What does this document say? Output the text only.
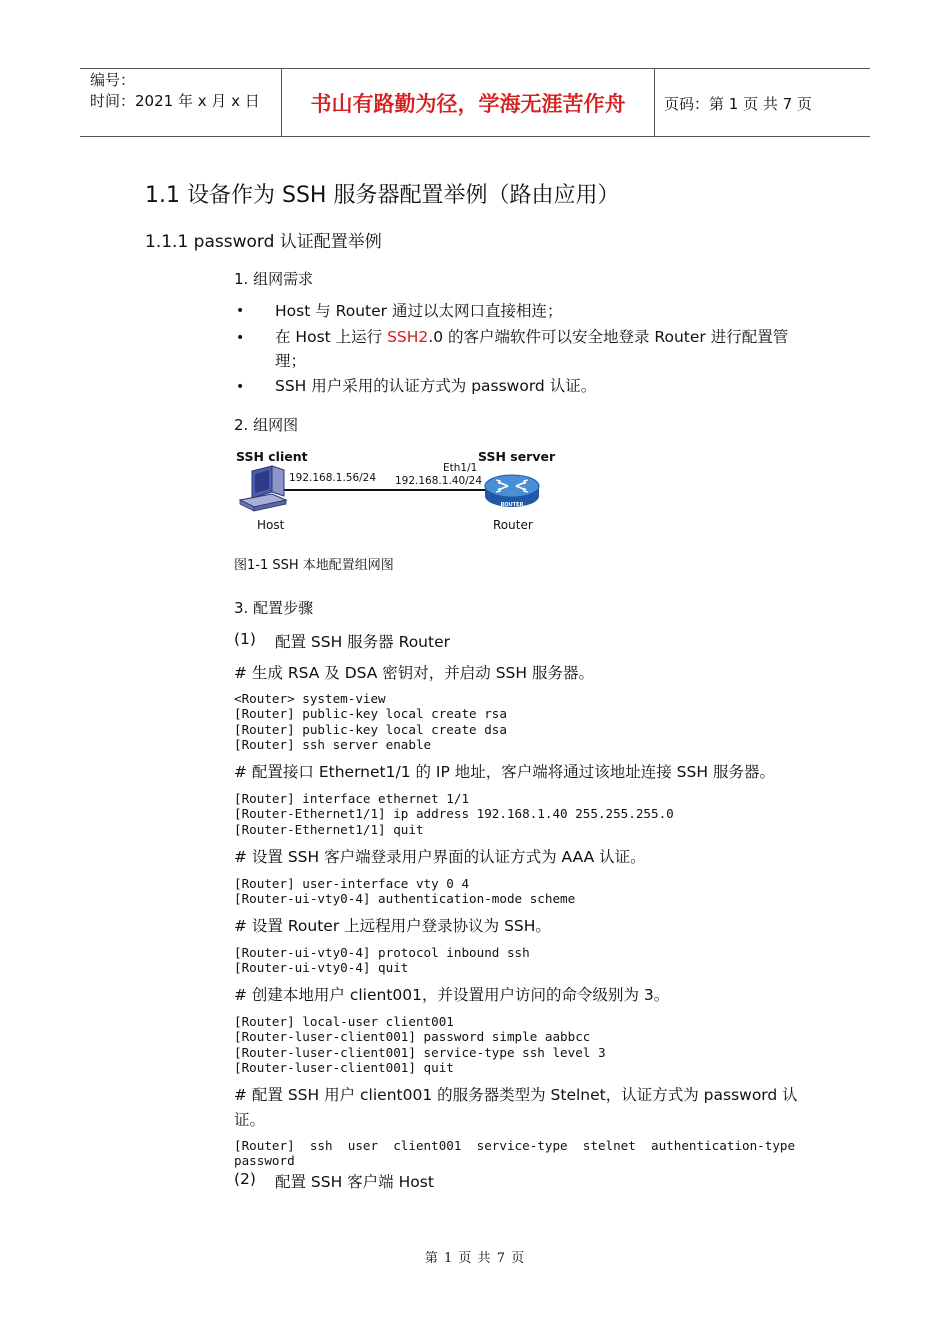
编号：
时间：2021 年 x 月 x 日	书山有路勤为径，学海无涯苦作舟	页码：第 1 页 共 7 页
1.1 设备作为 SSH 服务器配置举例（路由应用）
1.1.1 password 认证配置举例
1. 组网需求
• Host 与 Router 通过以太网口直接相连；
• 在 Host 上运行 SSH2.0 的客户端软件可以安全地登录 Router 进行配置管
理；
• SSH 用户采用的认证方式为 password 认证。
2. 组网图
SSH client	SSH server
192.168.1.56/24
Eth1/1
192.168.1.40/24
ROUTER
Host	Router
图1-1 SSH 本地配置组网图
3. 配置步骤
(1) 配置 SSH 服务器 Router
# 生成 RSA 及 DSA 密钥对，并启动 SSH 服务器。
<Router> system-view
[Router] public-key local create rsa
[Router] public-key local create dsa
[Router] ssh server enable
# 配置接口 Ethernet1/1 的 IP 地址，客户端将通过该地址连接 SSH 服务器。
[Router] interface ethernet 1/1
[Router-Ethernet1/1] ip address 192.168.1.40 255.255.255.0
[Router-Ethernet1/1] quit
# 设置 SSH 客户端登录用户界面的认证方式为 AAA 认证。
[Router] user-interface vty 0 4
[Router-ui-vty0-4] authentication-mode scheme
# 设置 Router 上远程用户登录协议为 SSH。
[Router-ui-vty0-4] protocol inbound ssh
[Router-ui-vty0-4] quit
# 创建本地用户 client001，并设置用户访问的命令级别为 3。
[Router] local-user client001
[Router-luser-client001] password simple aabbcc
[Router-luser-client001] service-type ssh level 3
[Router-luser-client001] quit
# 配置 SSH 用户 client001 的服务器类型为 Stelnet，认证方式为 password 认
证。
[Router]  ssh  user  client001  service-type  stelnet  authentication-type
password
(2) 配置 SSH 客户端 Host
第 1 页 共 7 页
